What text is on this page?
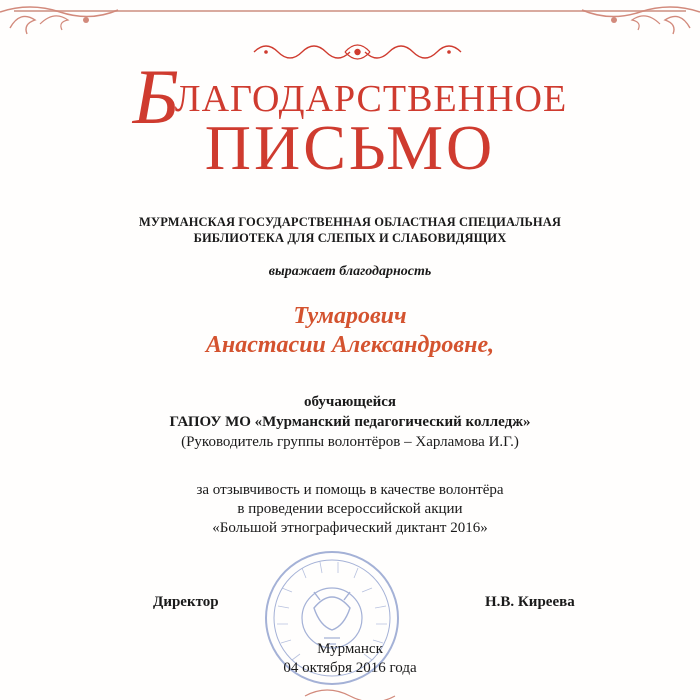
БЛАГОДАРСТВЕННОЕ
ПИСЬМО
МУРМАНСКАЯ ГОСУДАРСТВЕННАЯ ОБЛАСТНАЯ СПЕЦИАЛЬНАЯ
БИБЛИОТЕКА ДЛЯ СЛЕПЫХ И СЛАБОВИДЯЩИХ
выражает благодарность
Тумарович
Анастасии Александровне,
обучающейся
ГАПОУ МО «Мурманский педагогический колледж»
(Руководитель группы волонтёров – Харламова И.Г.)
за отзывчивость и помощь в качестве волонтёра
в проведении всероссийской акции
«Большой этнографический диктант 2016»
Директор	Н.В. Киреева
Мурманск
04 октября 2016 года
